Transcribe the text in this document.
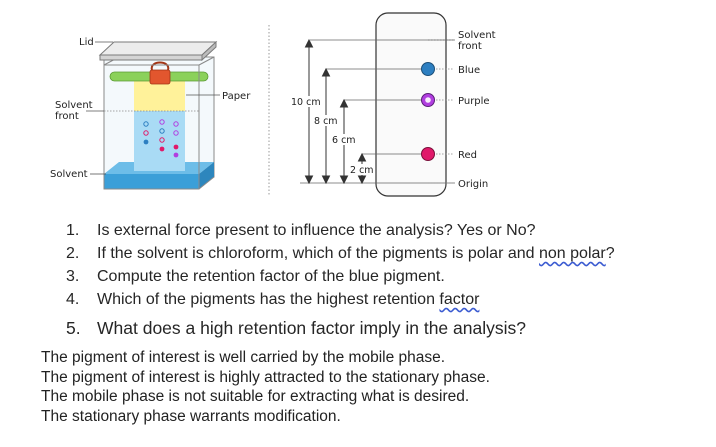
Lid
Paper
Solvent
front
Solvent
10 cm
8 cm
6 cm
2 cm
Solvent
front
Blue
Purple
Red
Origin
1. Is external force present to influence the analysis? Yes or No?
2. If the solvent is chloroform, which of the pigments is polar and non polar?
3. Compute the retention factor of the blue pigment.
4. Which of the pigments has the highest retention factor
5. What does a high retention factor imply in the analysis?
The pigment of interest is well carried by the mobile phase.
The pigment of interest is highly attracted to the stationary phase.
The mobile phase is not suitable for extracting what is desired.
The stationary phase warrants modification.
